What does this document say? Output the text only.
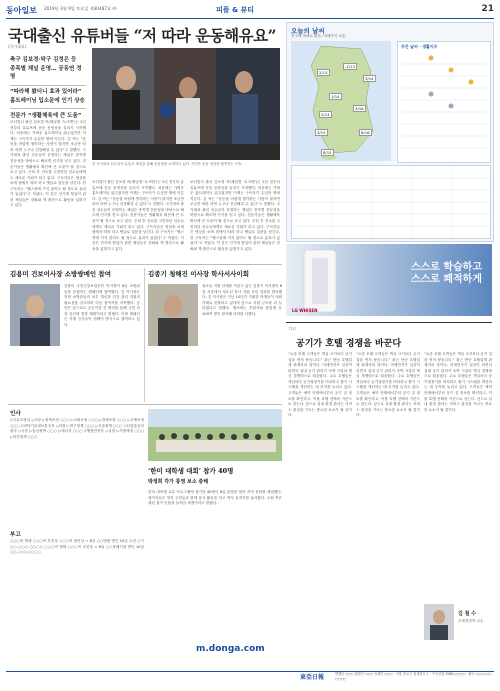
동아일보 2019년 3월 9일 토요일 제30487호 ㈜	피플 & 뷰티	21
국대출신 유튜버들 “저 따라 운동해유요”
(국가대표)
축구 김보경·탁구 김정은 등
종목별 채널 운영… 공동연 정명
“따라해 봤더니 효과 있어라”
홈트레이닝 입소문에 인기 상승
전문가 “생활체육에 큰 도움”
전 국가대표 선수들이 유튜브 채널을 통해 운동법을 소개하고 있다. 사진은 운동 영상을 촬영하는 모습.
보디빌더 출신 김보경 씨(채널명 ‘토크맨’)는 2년 전부터 유튜브에 운동 동영상을 올리기 시작했다. 처음에는 가벼운 홈트레이닝 위주였지만 이제는 구독자가 수십만 명에 이른다. 김 씨는 “운동을 어렵게 생각하는 사람이 많지만 조금만 따라 하면 누구나 건강해질 수 있다”고 말했다. 국가대표 출신 선수들이 운영하는 채널은 종목별 전문성을 바탕으로 빠르게 인기를 얻고 있다. 전문가들은 생활체육 확산에 큰 도움이 될 것으로 보고 있다. 은퇴 후 진로를 고민하던 선수들에게도 새로운 기회가 되고 있다. 구독자들은 영상을 보며 집에서 따라 하고 댓글로 질문을 남긴다. 한 구독자는 “헬스장에 가지 않아도 될 정도로 효과가 있었다”고 적었다. 이 같은 인기에 힘입어 관련 채널들은 강좌와 책 출간으로 활동을 넓혀가고 있다.
보디빌더 출신 김보경 씨(채널명 ‘토크맨’)는 2년 전부터 유튜브에 운동 동영상을 올리기 시작했다. 처음에는 가벼운 홈트레이닝 위주였지만 이제는 구독자가 수십만 명에 이른다. 김 씨는 “운동을 어렵게 생각하는 사람이 많지만 조금만 따라 하면 누구나 건강해질 수 있다”고 말했다. 국가대표 출신 선수들이 운영하는 채널은 종목별 전문성을 바탕으로 빠르게 인기를 얻고 있다. 전문가들은 생활체육 확산에 큰 도움이 될 것으로 보고 있다. 은퇴 후 진로를 고민하던 선수들에게도 새로운 기회가 되고 있다. 구독자들은 영상을 보며 집에서 따라 하고 댓글로 질문을 남긴다. 한 구독자는 “헬스장에 가지 않아도 될 정도로 효과가 있었다”고 적었다. 이 같은 인기에 힘입어 관련 채널들은 강좌와 책 출간으로 활동을 넓혀가고 있다.
보디빌더 출신 김보경 씨(채널명 ‘토크맨’)는 2년 전부터 유튜브에 운동 동영상을 올리기 시작했다. 처음에는 가벼운 홈트레이닝 위주였지만 이제는 구독자가 수십만 명에 이른다. 김 씨는 “운동을 어렵게 생각하는 사람이 많지만 조금만 따라 하면 누구나 건강해질 수 있다”고 말했다. 국가대표 출신 선수들이 운영하는 채널은 종목별 전문성을 바탕으로 빠르게 인기를 얻고 있다. 전문가들은 생활체육 확산에 큰 도움이 될 것으로 보고 있다. 은퇴 후 진로를 고민하던 선수들에게도 새로운 기회가 되고 있다. 구독자들은 영상을 보며 집에서 따라 하고 댓글로 질문을 남긴다. 한 구독자는 “헬스장에 가지 않아도 될 정도로 효과가 있었다”고 적었다. 이 같은 인기에 힘입어 관련 채널들은 강좌와 책 출간으로 활동을 넓혀가고 있다.
김용미 건보이사장 소방쌍메인 참여
김용미 국민건강보험공단 이사장이 8일 소방관들을 응원하는 캠페인에 참여했다. 김 이사장은 현장 소방관들의 처우 개선과 건강 관리 지원의 필요성을 강조하며 다음 참여자를 지목했다. 공단은 앞으로도 공공기관 간 협력을 통해 국민 건강 증진에 힘쓸 계획이라고 밝혔다. 이번 캠페인은 각계 인사들이 릴레이 방식으로 참여하고 있다.
김종기 청해진 이사장 학사서사이회
청소년 지원 단체를 이끌고 있는 김종기 이사장이 8일 서울에서 청소년 학사 지원 사업 성과를 발표했다. 김 이사장은 지난 10년간 지원한 학생들이 사회 각계로 진출하고 있다며 앞으로 지원 규모를 더 늘리겠다고 말했다. 행사에는 후원자와 졸업생 등 100여 명이 참석해 의미를 더했다.
인사
▽국무조정실 ◇국장 ▷정책조정 ○○○ ▷사회조정 ○○○ ▷경제조정 ○○○ ▷규제조정 ○○○ ▽과학기술정보통신부 ◇과장 ▷연구정책 ○○○ ▷기술정책 ○○○ ▽산업통상자원부 ◇국장 ▷통상정책 ○○○ ▷에너지 ○○○ ▽행정안전부 ◇실장 ▷지방재정 ○○○ ▷안전정책 ○○○
부고
○○○씨 별세 ○○○씨 부친상 ○○○씨 장인상 = 8일 ○○병원 발인 10일 오전 ○시 ○○-○○○-○○○○ ○○○씨 별세 ○○○씨 모친상 = 8일 ○○장례식장 발인 10일 ○○-○○○-○○○○
‘한미 대학생 대회’ 참가 40명
박정희 각가 통영 보소 중해
한미 대학생 교류 프로그램에 참가한 40명이 8일 통영을 찾아 지역 문화를 체험했다. 참가자들은 현지 주민들과 함께 봉사 활동을 하고 역사 유적지를 둘러봤다. 주최 측은 매년 참가 인원을 늘려갈 예정이라고 밝혔다.
m.donga.com
오늘의 날씨
전국에 대체로 맑음. 미세먼지 보통.
2/13
-2/13
3/14
1/14
2/14
3/15
3/16
6/16
8/15
주간 날씨 · 생활지수
스스로 학습하고
스스로 쾌적하게
LG WHISEN
기고
공기가 호텔 경쟁을 바꾼다
“요즘 호텔 고객들은 객실 크기보다 공기 질을 먼저 묻습니다.” 최근 만난 호텔업계 관계자의 말이다. 미세먼지가 일상이 되면서 실내 공기 관리가 숙박 시설의 핵심 경쟁력으로 떠올랐다. 주요 호텔들은 객실마다 공기청정기를 비치하고 환기 시스템을 개선하는 데 투자를 늘리고 있다. 고객들은 예약 단계에서부터 공기 질 정보를 확인하고, 이를 호텔 선택의 기준으로 삼는다. 앞으로 실내 환경 관리는 서비스 품질을 가르는 중요한 요소가 될 것이다.
“요즘 호텔 고객들은 객실 크기보다 공기 질을 먼저 묻습니다.” 최근 만난 호텔업계 관계자의 말이다. 미세먼지가 일상이 되면서 실내 공기 관리가 숙박 시설의 핵심 경쟁력으로 떠올랐다. 주요 호텔들은 객실마다 공기청정기를 비치하고 환기 시스템을 개선하는 데 투자를 늘리고 있다. 고객들은 예약 단계에서부터 공기 질 정보를 확인하고, 이를 호텔 선택의 기준으로 삼는다. 앞으로 실내 환경 관리는 서비스 품질을 가르는 중요한 요소가 될 것이다.
“요즘 호텔 고객들은 객실 크기보다 공기 질을 먼저 묻습니다.” 최근 만난 호텔업계 관계자의 말이다. 미세먼지가 일상이 되면서 실내 공기 관리가 숙박 시설의 핵심 경쟁력으로 떠올랐다. 주요 호텔들은 객실마다 공기청정기를 비치하고 환기 시스템을 개선하는 데 투자를 늘리고 있다. 고객들은 예약 단계에서부터 공기 질 정보를 확인하고, 이를 호텔 선택의 기준으로 삼는다. 앞으로 실내 환경 관리는 서비스 품질을 가르는 중요한 요소가 될 것이다.
김 철 수
호텔경영학 교수
東亞日報	발행인 ○○○ 편집인 ○○○ 인쇄인 ○○○ · 서울 종로구 청계천로 1 · 구독신청 1588-○○○○ · 광고 ○○-○○○-○○○○
